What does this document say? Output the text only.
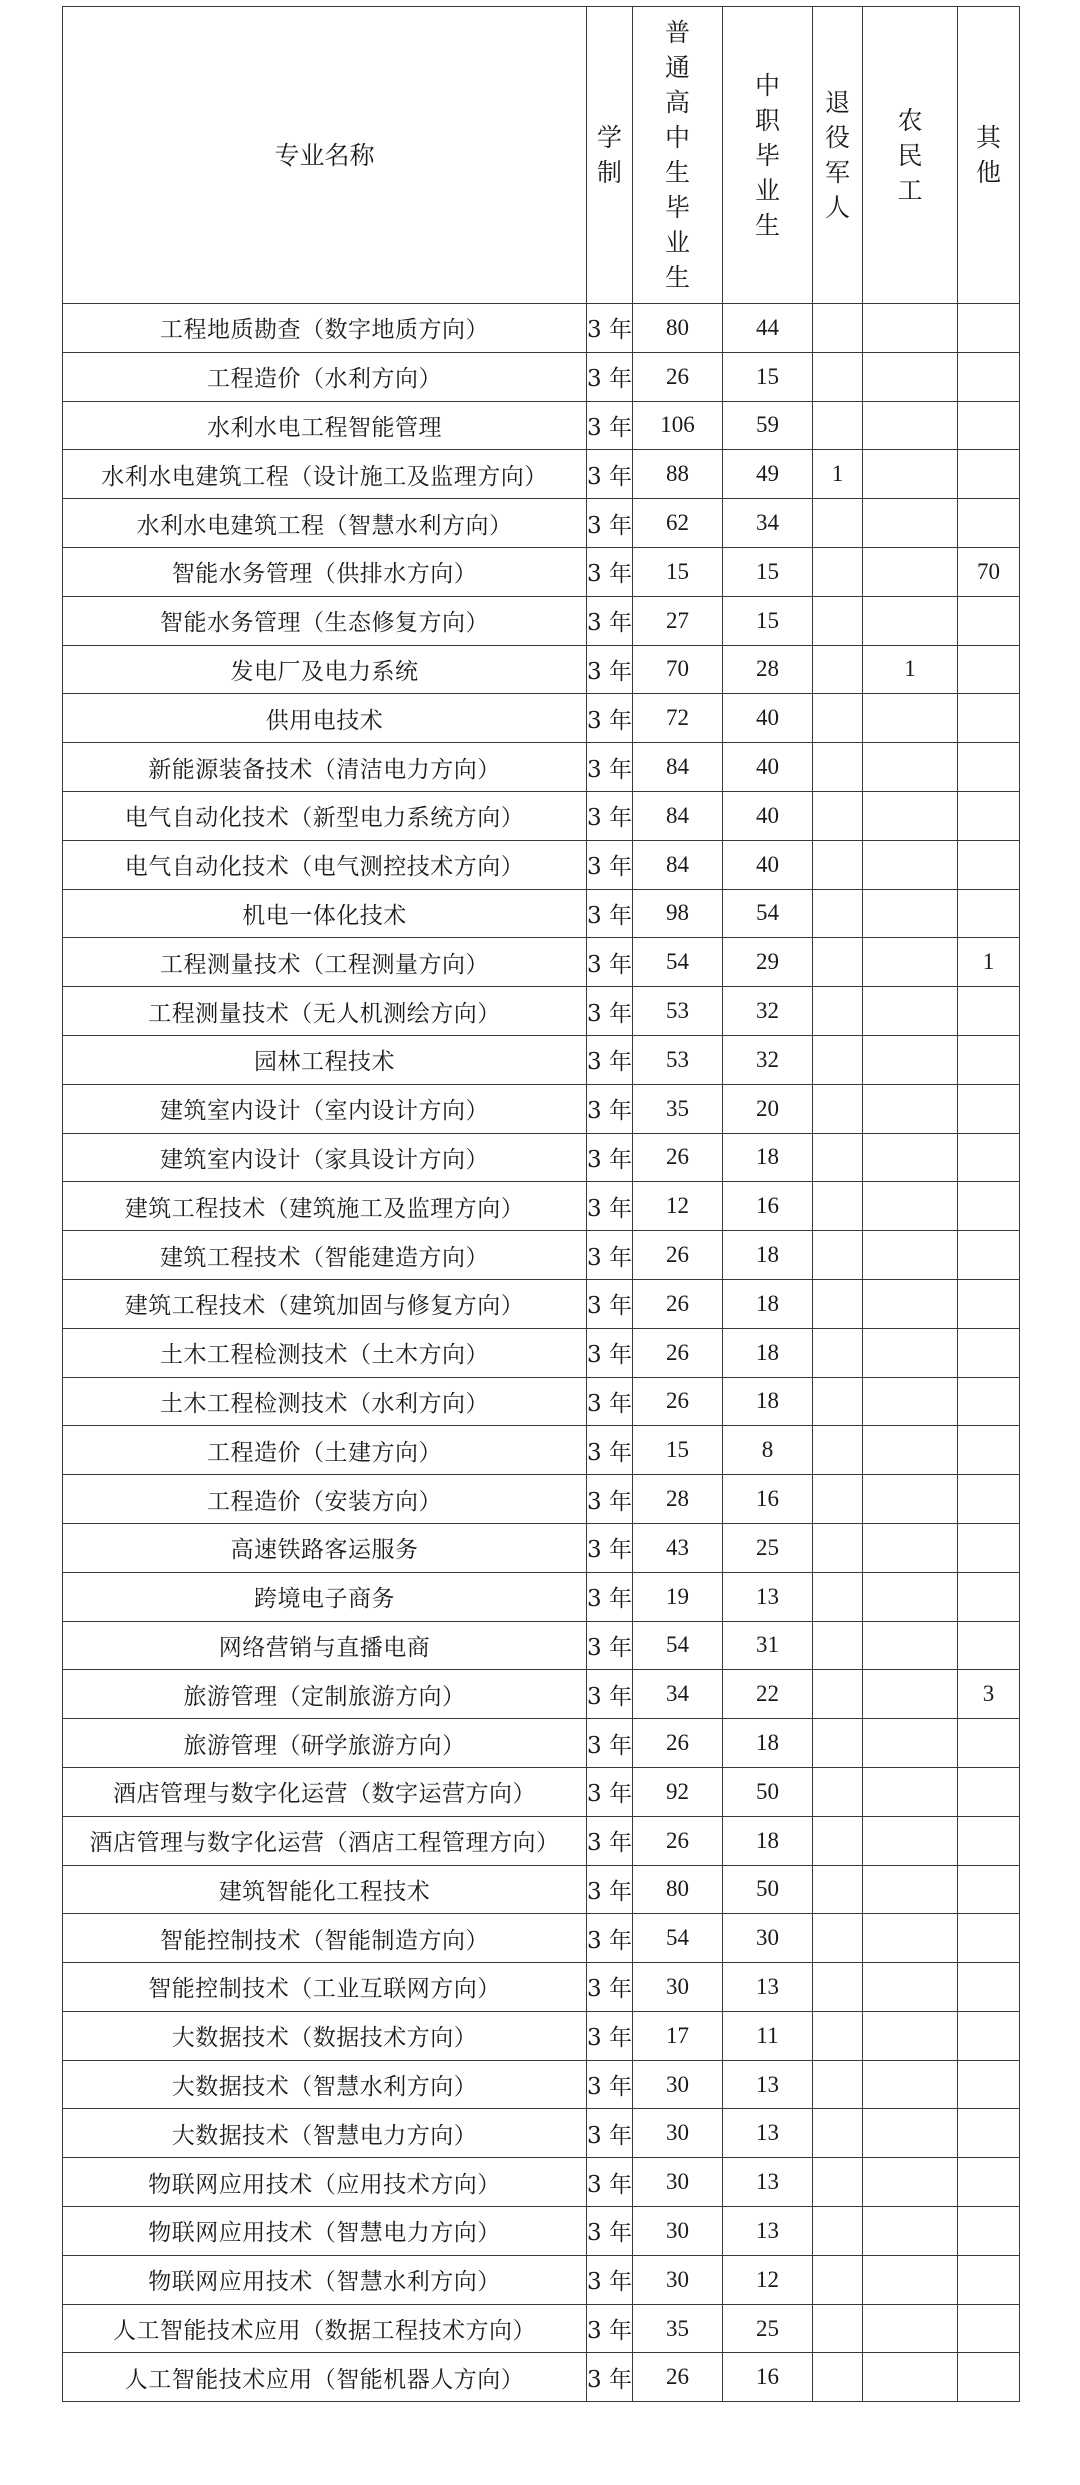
专业名称	学制	普通高中生毕业生	中职毕业生	退役军人	农民工	其他
工程地质勘查（数字地质方向）	3 年	80	44			
工程造价（水利方向）	3 年	26	15			
水利水电工程智能管理	3 年	106	59			
水利水电建筑工程（设计施工及监理方向）	3 年	88	49	1		
水利水电建筑工程（智慧水利方向）	3 年	62	34			
智能水务管理（供排水方向）	3 年	15	15			70
智能水务管理（生态修复方向）	3 年	27	15			
发电厂及电力系统	3 年	70	28		1	
供用电技术	3 年	72	40			
新能源装备技术（清洁电力方向）	3 年	84	40			
电气自动化技术（新型电力系统方向）	3 年	84	40			
电气自动化技术（电气测控技术方向）	3 年	84	40			
机电一体化技术	3 年	98	54			
工程测量技术（工程测量方向）	3 年	54	29			1
工程测量技术（无人机测绘方向）	3 年	53	32			
园林工程技术	3 年	53	32			
建筑室内设计（室内设计方向）	3 年	35	20			
建筑室内设计（家具设计方向）	3 年	26	18			
建筑工程技术（建筑施工及监理方向）	3 年	12	16			
建筑工程技术（智能建造方向）	3 年	26	18			
建筑工程技术（建筑加固与修复方向）	3 年	26	18			
土木工程检测技术（土木方向）	3 年	26	18			
土木工程检测技术（水利方向）	3 年	26	18			
工程造价（土建方向）	3 年	15	8			
工程造价（安装方向）	3 年	28	16			
高速铁路客运服务	3 年	43	25			
跨境电子商务	3 年	19	13			
网络营销与直播电商	3 年	54	31			
旅游管理（定制旅游方向）	3 年	34	22			3
旅游管理（研学旅游方向）	3 年	26	18			
酒店管理与数字化运营（数字运营方向）	3 年	92	50			
酒店管理与数字化运营（酒店工程管理方向）	3 年	26	18			
建筑智能化工程技术	3 年	80	50			
智能控制技术（智能制造方向）	3 年	54	30			
智能控制技术（工业互联网方向）	3 年	30	13			
大数据技术（数据技术方向）	3 年	17	11			
大数据技术（智慧水利方向）	3 年	30	13			
大数据技术（智慧电力方向）	3 年	30	13			
物联网应用技术（应用技术方向）	3 年	30	13			
物联网应用技术（智慧电力方向）	3 年	30	13			
物联网应用技术（智慧水利方向）	3 年	30	12			
人工智能技术应用（数据工程技术方向）	3 年	35	25			
人工智能技术应用（智能机器人方向）	3 年	26	16			
